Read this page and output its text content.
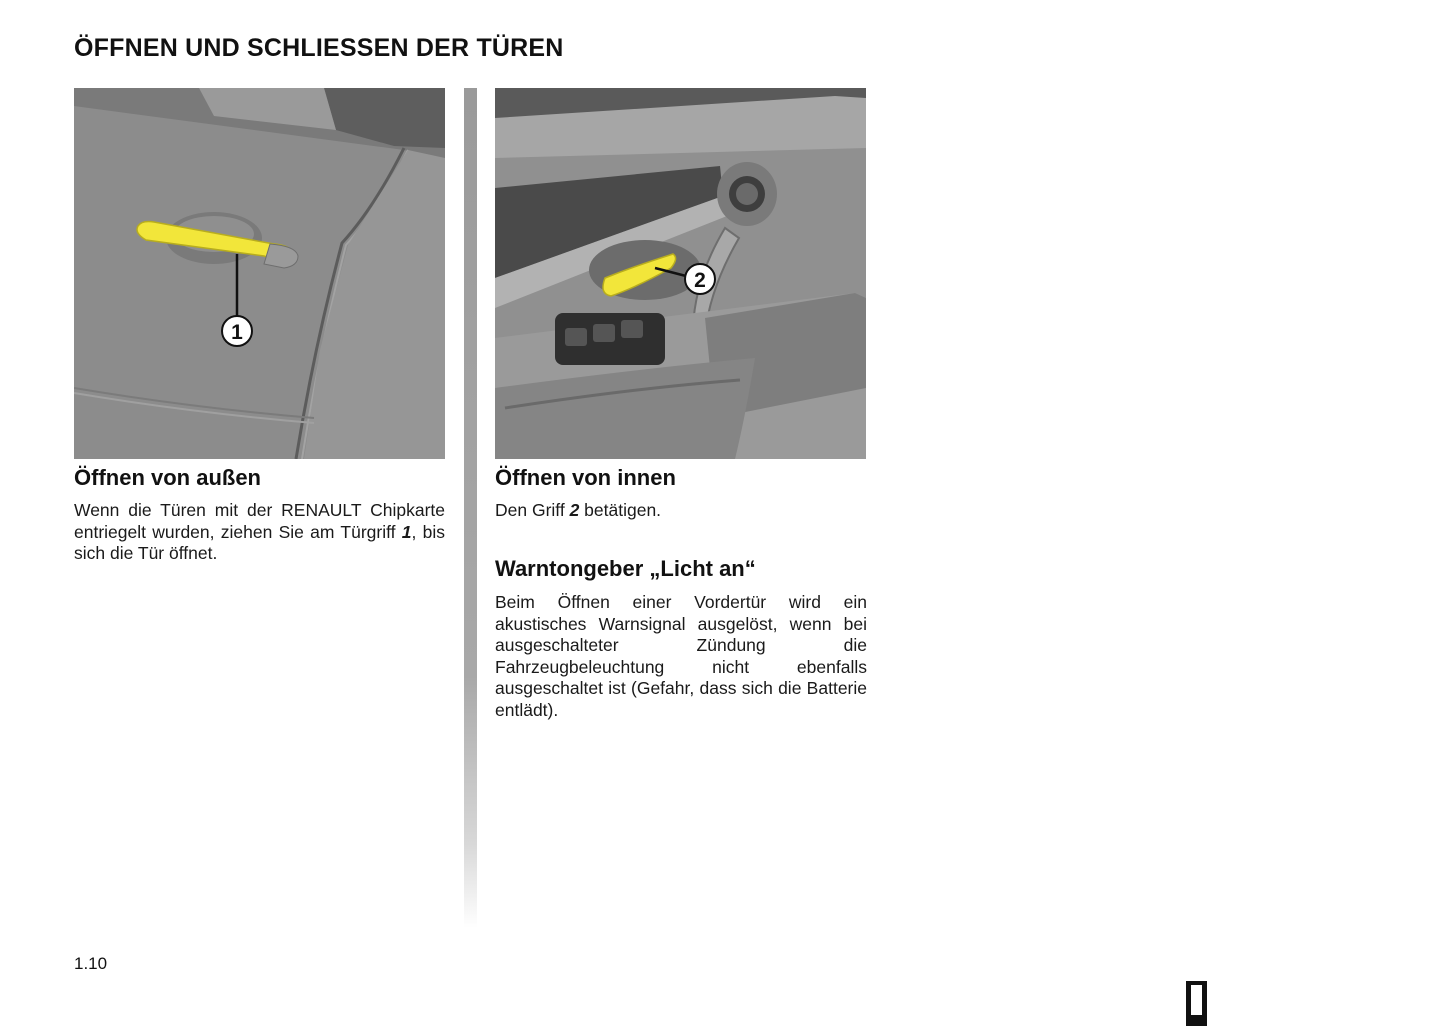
ÖFFNEN UND SCHLIESSEN DER TÜREN
1
2
Öffnen von außen

Wenn die Türen mit der RENAULT Chipkarte entriegelt wurden, ziehen Sie am Türgriff 1, bis sich die Tür öffnet.

Öffnen von innen

Den Griff 2 betätigen.

Warntongeber „Licht an“

Beim Öffnen einer Vordertür wird ein akustisches Warnsignal ausgelöst, wenn bei ausgeschalteter Zündung die Fahrzeugbeleuchtung nicht ebenfalls ausgeschaltet ist (Gefahr, dass sich die Batterie entlädt).

1.10
